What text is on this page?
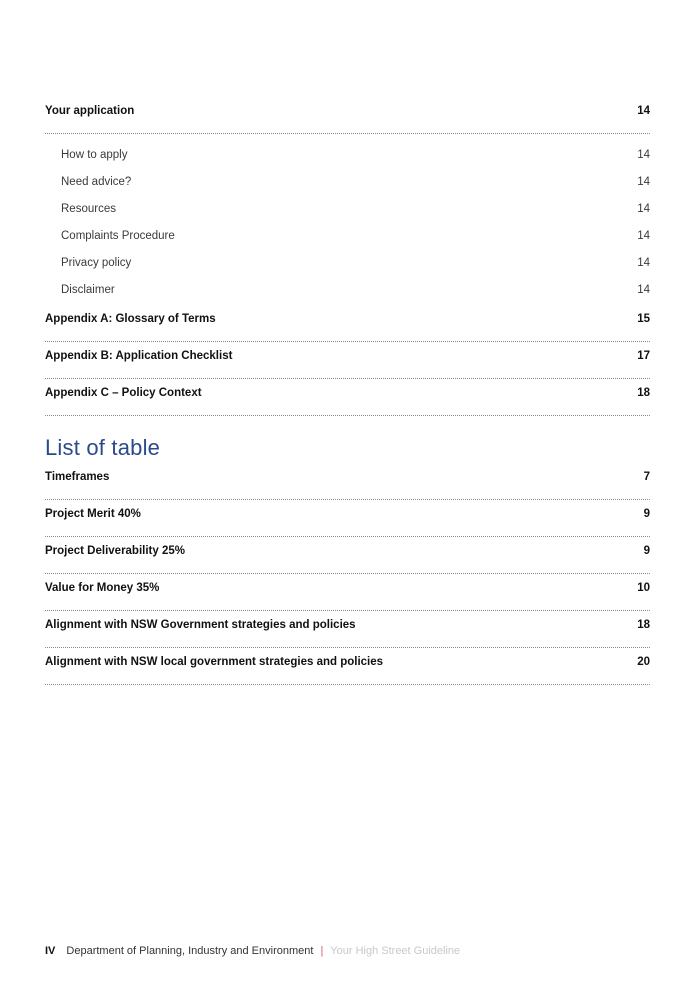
Your application	14
How to apply	14
Need advice?	14
Resources	14
Complaints Procedure	14
Privacy policy	14
Disclaimer	14
Appendix A: Glossary of Terms	15
Appendix B: Application Checklist	17
Appendix C – Policy Context	18
List of table
Timeframes	7
Project Merit 40%	9
Project Deliverability 25%	9
Value for Money 35%	10
Alignment with NSW Government strategies and policies	18
Alignment with NSW local government strategies and policies	20
IV Department of Planning, Industry and Environment | Your High Street Guideline
